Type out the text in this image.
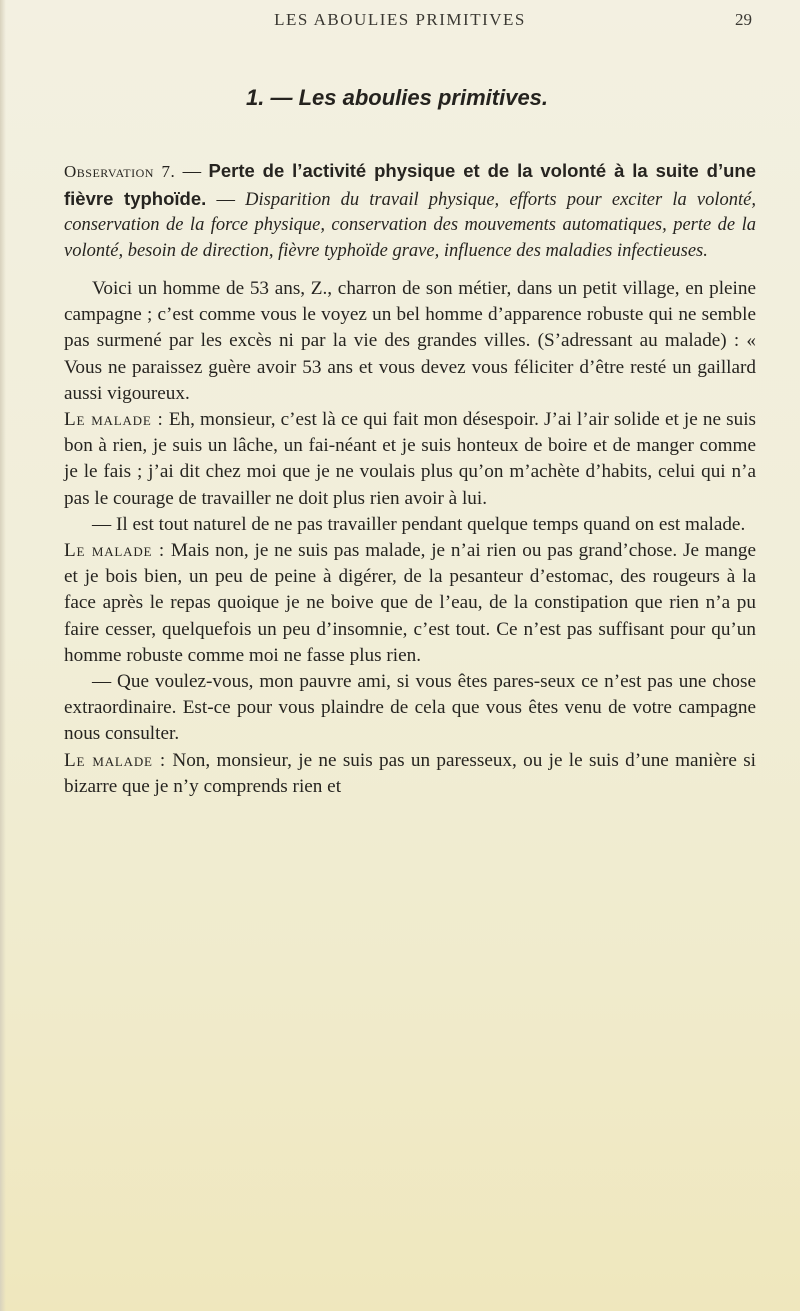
LES ABOULIES PRIMITIVES	29
1. — Les aboulies primitives.
Observation 7. — Perte de l’activité physique et de la volonté à la suite d’une fièvre typhoïde. — Disparition du travail physique, efforts pour exciter la volonté, conservation de la force physique, conservation des mouvements automatiques, perte de la volonté, besoin de direction, fièvre typhoïde grave, influence des maladies infectieuses.

Voici un homme de 53 ans, Z., charron de son métier, dans un petit village, en pleine campagne ; c’est comme vous le voyez un bel homme d’apparence robuste qui ne semble pas surmené par les excès ni par la vie des grandes villes. (S’adressant au malade) : « Vous ne paraissez guère avoir 53 ans et vous devez vous féliciter d’être resté un gaillard aussi vigoureux.

Le malade : Eh, monsieur, c’est là ce qui fait mon désespoir. J’ai l’air solide et je ne suis bon à rien, je suis un lâche, un fai-néant et je suis honteux de boire et de manger comme je le fais ; j’ai dit chez moi que je ne voulais plus qu’on m’achète d’habits, celui qui n’a pas le courage de travailler ne doit plus rien avoir à lui.

— Il est tout naturel de ne pas travailler pendant quelque temps quand on est malade.

Le malade : Mais non, je ne suis pas malade, je n’ai rien ou pas grand’chose. Je mange et je bois bien, un peu de peine à digérer, de la pesanteur d’estomac, des rougeurs à la face après le repas quoique je ne boive que de l’eau, de la constipation que rien n’a pu faire cesser, quelquefois un peu d’insomnie, c’est tout. Ce n’est pas suffisant pour qu’un homme robuste comme moi ne fasse plus rien.

— Que voulez-vous, mon pauvre ami, si vous êtes pares-seux ce n’est pas une chose extraordinaire. Est-ce pour vous plaindre de cela que vous êtes venu de votre campagne nous consulter.

Le malade : Non, monsieur, je ne suis pas un paresseux, ou je le suis d’une manière si bizarre que je n’y comprends rien et
